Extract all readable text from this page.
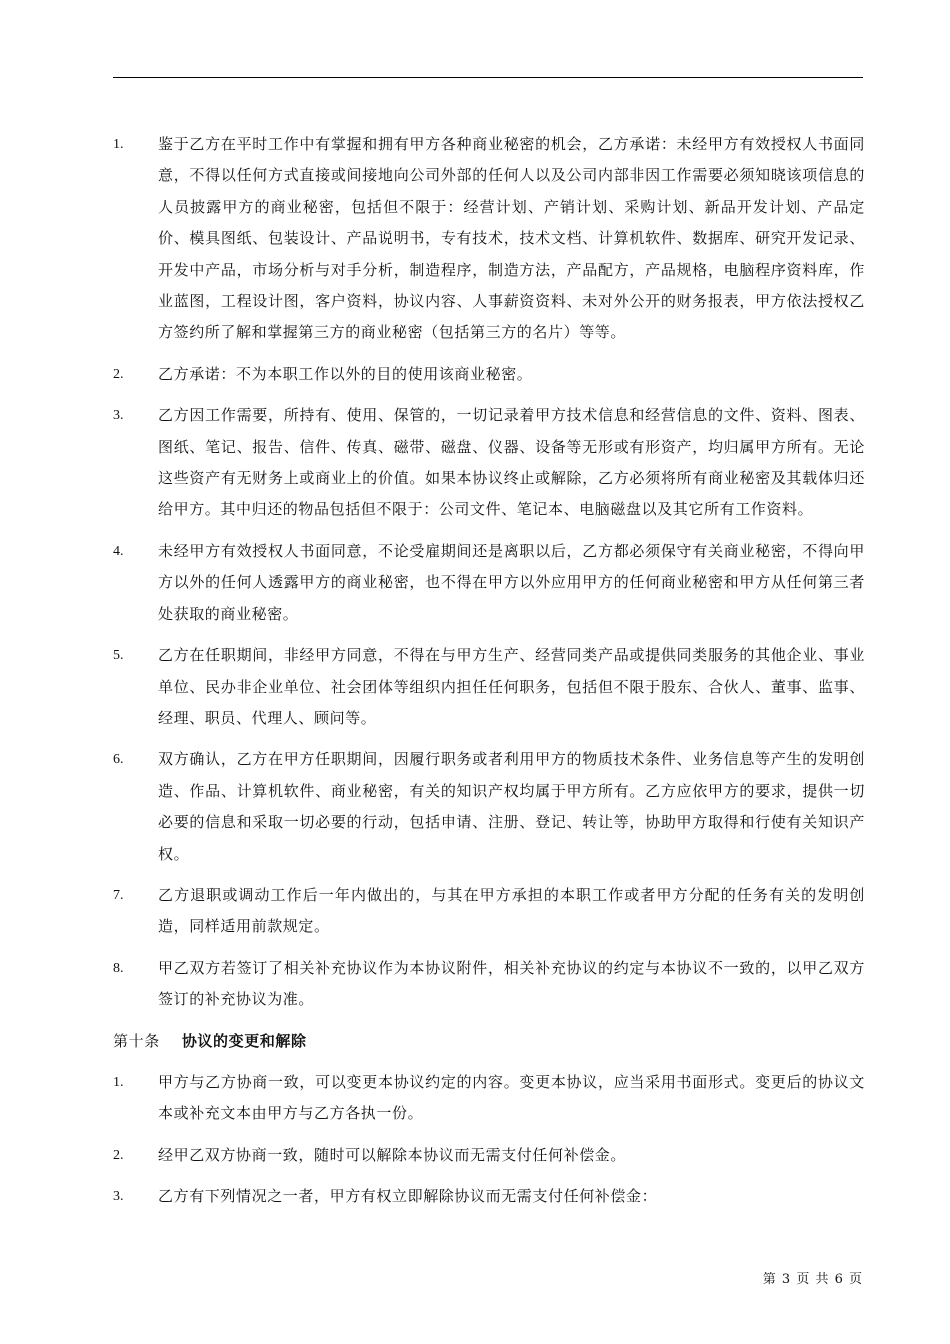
1. 鉴于乙方在平时工作中有掌握和拥有甲方各种商业秘密的机会，乙方承诺：未经甲方有效授权人书面同意，不得以任何方式直接或间接地向公司外部的任何人以及公司内部非因工作需要必须知晓该项信息的人员披露甲方的商业秘密，包括但不限于：经营计划、产销计划、采购计划、新品开发计划、产品定价、模具图纸、包装设计、产品说明书，专有技术，技术文档、计算机软件、数据库、研究开发记录、开发中产品，市场分析与对手分析，制造程序，制造方法，产品配方，产品规格，电脑程序资料库，作业蓝图，工程设计图，客户资料，协议内容、人事薪资资料、未对外公开的财务报表，甲方依法授权乙方签约所了解和掌握第三方的商业秘密（包括第三方的名片）等等。
2. 乙方承诺：不为本职工作以外的目的使用该商业秘密。
3. 乙方因工作需要，所持有、使用、保管的，一切记录着甲方技术信息和经营信息的文件、资料、图表、图纸、笔记、报告、信件、传真、磁带、磁盘、仪器、设备等无形或有形资产，均归属甲方所有。无论这些资产有无财务上或商业上的价值。如果本协议终止或解除，乙方必须将所有商业秘密及其载体归还给甲方。其中归还的物品包括但不限于：公司文件、笔记本、电脑磁盘以及其它所有工作资料。
4. 未经甲方有效授权人书面同意，不论受雇期间还是离职以后，乙方都必须保守有关商业秘密，不得向甲方以外的任何人透露甲方的商业秘密，也不得在甲方以外应用甲方的任何商业秘密和甲方从任何第三者处获取的商业秘密。
5. 乙方在任职期间，非经甲方同意，不得在与甲方生产、经营同类产品或提供同类服务的其他企业、事业单位、民办非企业单位、社会团体等组织内担任任何职务，包括但不限于股东、合伙人、董事、监事、经理、职员、代理人、顾问等。
6. 双方确认，乙方在甲方任职期间，因履行职务或者利用甲方的物质技术条件、业务信息等产生的发明创造、作品、计算机软件、商业秘密，有关的知识产权均属于甲方所有。乙方应依甲方的要求，提供一切必要的信息和采取一切必要的行动，包括申请、注册、登记、转让等，协助甲方取得和行使有关知识产权。
7. 乙方退职或调动工作后一年内做出的，与其在甲方承担的本职工作或者甲方分配的任务有关的发明创造，同样适用前款规定。
8. 甲乙双方若签订了相关补充协议作为本协议附件，相关补充协议的约定与本协议不一致的，以甲乙双方签订的补充协议为准。
第十条 协议的变更和解除
1. 甲方与乙方协商一致，可以变更本协议约定的内容。变更本协议，应当采用书面形式。变更后的协议文本或补充文本由甲方与乙方各执一份。
2. 经甲乙双方协商一致，随时可以解除本协议而无需支付任何补偿金。
3. 乙方有下列情况之一者，甲方有权立即解除协议而无需支付任何补偿金：
第 3 页 共 6 页
